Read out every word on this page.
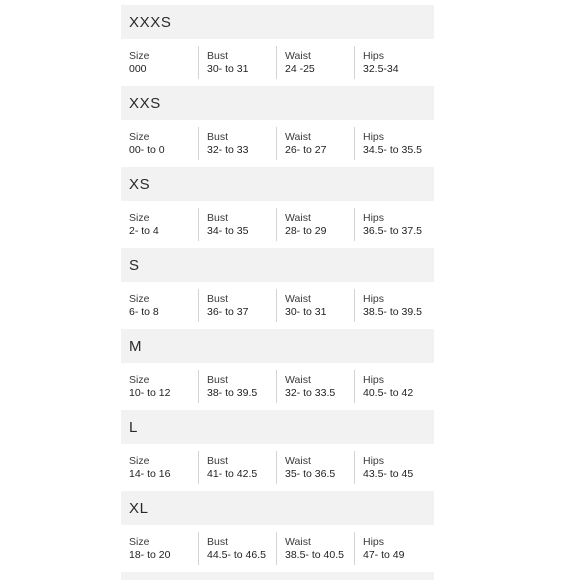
XXXS
Size
000
Bust
30- to 31
Waist
24 -25
Hips
32.5-34
XXS
Size
00- to 0
Bust
32- to 33
Waist
26- to 27
Hips
34.5- to 35.5
XS
Size
2- to 4
Bust
34- to 35
Waist
28- to 29
Hips
36.5- to 37.5
S
Size
6- to 8
Bust
36- to 37
Waist
30- to 31
Hips
38.5- to 39.5
M
Size
10- to 12
Bust
38- to 39.5
Waist
32- to 33.5
Hips
40.5- to 42
L
Size
14- to 16
Bust
41- to 42.5
Waist
35- to 36.5
Hips
43.5- to 45
XL
Size
18- to 20
Bust
44.5- to 46.5
Waist
38.5- to 40.5
Hips
47- to 49
